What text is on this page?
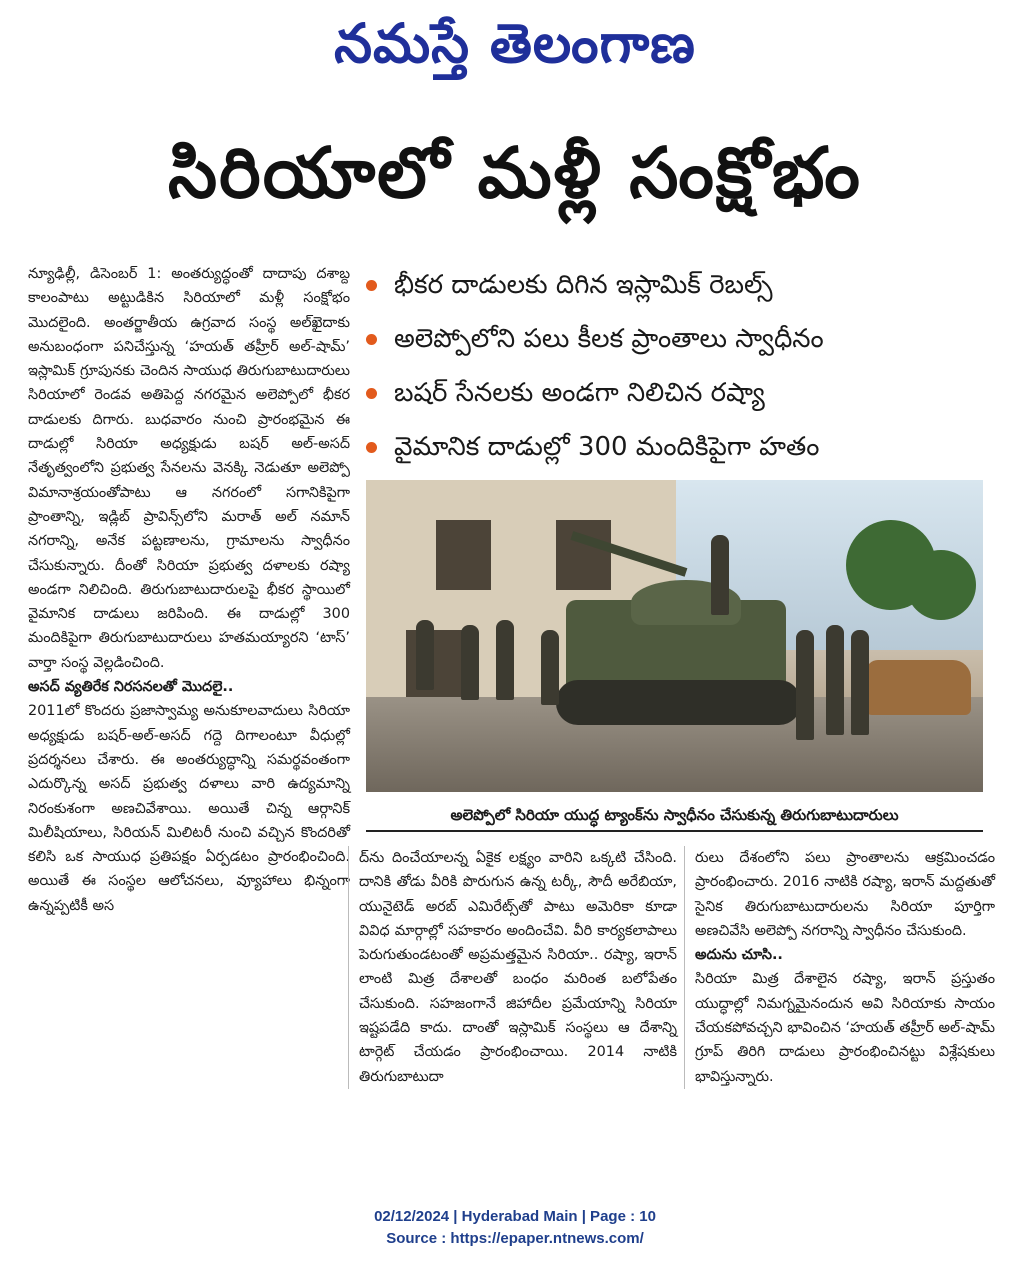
నమస్తే తెలంగాణ
సిరియాలో మళ్లీ సంక్షోభం

న్యూఢిల్లీ, డిసెంబర్ 1: అంతర్యుద్ధంతో దాదాపు దశాబ్ద కాలంపాటు అట్టుడికిన సిరియాలో మళ్లీ సంక్షోభం మొదలైంది. అంతర్జాతీయ ఉగ్రవాద సంస్థ అల్‌ఖైదాకు అనుబంధంగా పనిచేస్తున్న ‘హయత్ తహ్రీర్ అల్-షామ్’ ఇస్లామిక్ గ్రూపునకు చెందిన సాయుధ తిరుగుబాటుదారులు సిరియాలో రెండవ అతిపెద్ద నగరమైన అలెప్పోలో భీకర దాడులకు దిగారు. బుధవారం నుంచి ప్రారంభమైన ఈ దాడుల్లో సిరియా అధ్యక్షుడు బషర్ అల్-అసద్ నేతృత్వంలోని ప్రభుత్వ సేనలను వెనక్కి నెడుతూ అలెప్పో విమానాశ్రయంతోపాటు ఆ నగరంలో సగానికిపైగా ప్రాంతాన్ని, ఇడ్లిబ్ ప్రావిన్స్‌లోని మరాత్ అల్ నమాన్ నగరాన్ని, అనేక పట్టణాలను, గ్రామాలను స్వాధీనం చేసుకున్నారు. దీంతో సిరియా ప్రభుత్వ దళాలకు రష్యా అండగా నిలిచింది. తిరుగుబాటుదారులపై భీకర స్థాయిలో వైమానిక దాడులు జరిపింది. ఈ దాడుల్లో 300 మందికిపైగా తిరుగుబాటుదారులు హతమయ్యారని ‘టాస్’ వార్తా సంస్థ వెల్లడించింది.

అసద్ వ్యతిరేక నిరసనలతో మొదలై..

2011లో కొందరు ప్రజాస్వామ్య అనుకూలవాదులు సిరియా అధ్యక్షుడు బషర్-అల్-అసద్ గద్దె దిగాలంటూ వీధుల్లో ప్రదర్శనలు చేశారు. ఈ అంతర్యుద్ధాన్ని సమర్థవంతంగా ఎదుర్కొన్న అసద్ ప్రభుత్వ దళాలు వారి ఉద్యమాన్ని నిరంకుశంగా అణచివేశాయి. అయితే చిన్న ఆర్గానిక్ మిలీషియాలు, సిరియన్ మిలిటరీ నుంచి వచ్చిన కొందరితో కలిసి ఒక సాయుధ ప్రతిపక్షం ఏర్పడటం ప్రారంభించింది. అయితే ఈ సంస్థల ఆలోచనలు, వ్యూహాలు భిన్నంగా ఉన్నప్పటికీ అస

భీకర దాడులకు దిగిన ఇస్లామిక్ రెబల్స్
అలెప్పోలోని పలు కీలక ప్రాంతాలు స్వాధీనం
బషర్ సేనలకు అండగా నిలిచిన రష్యా
వైమానిక దాడుల్లో 300 మందికిపైగా హతం
అలెప్పోలో సిరియా యుద్ధ ట్యాంక్‌ను స్వాధీనం చేసుకున్న తిరుగుబాటుదారులు

ద్‌ను దించేయాలన్న ఏకైక లక్ష్యం వారిని ఒక్కటి చేసింది. దానికి తోడు వీరికి పొరుగున ఉన్న టర్కీ, సౌదీ అరేబియా, యునైటెడ్ అరబ్ ఎమిరేట్స్‌తో పాటు అమెరికా కూడా వివిధ మార్గాల్లో సహకారం అందించేవి. వీరి కార్యకలాపాలు పెరుగుతుండటంతో అప్రమత్తమైన సిరియా.. రష్యా, ఇరాన్ లాంటి మిత్ర దేశాలతో బంధం మరింత బలోపేతం చేసుకుంది. సహజంగానే జిహాదీల ప్రమేయాన్ని సిరియా ఇష్టపడేది కాదు. దాంతో ఇస్లామిక్ సంస్థలు ఆ దేశాన్ని టార్గెట్ చేయడం ప్రారంభించాయి. 2014 నాటికి తిరుగుబాటుదా

రులు దేశంలోని పలు ప్రాంతాలను ఆక్రమించడం ప్రారంభించారు. 2016 నాటికి రష్యా, ఇరాన్ మద్దతుతో సైనిక తిరుగుబాటుదారులను సిరియా పూర్తిగా అణచివేసి అలెప్పో నగరాన్ని స్వాధీనం చేసుకుంది.

అదును చూసి..

సిరియా మిత్ర దేశాలైన రష్యా, ఇరాన్ ప్రస్తుతం యుద్ధాల్లో నిమగ్నమైనందున అవి సిరియాకు సాయం చేయకపోవచ్చని భావించిన ‘హయత్ తహ్రీర్ అల్-షామ్ గ్రూప్ తిరిగి దాడులు ప్రారంభించినట్టు విశ్లేషకులు భావిస్తున్నారు.

02/12/2024 | Hyderabad Main | Page : 10
Source : https://epaper.ntnews.com/
